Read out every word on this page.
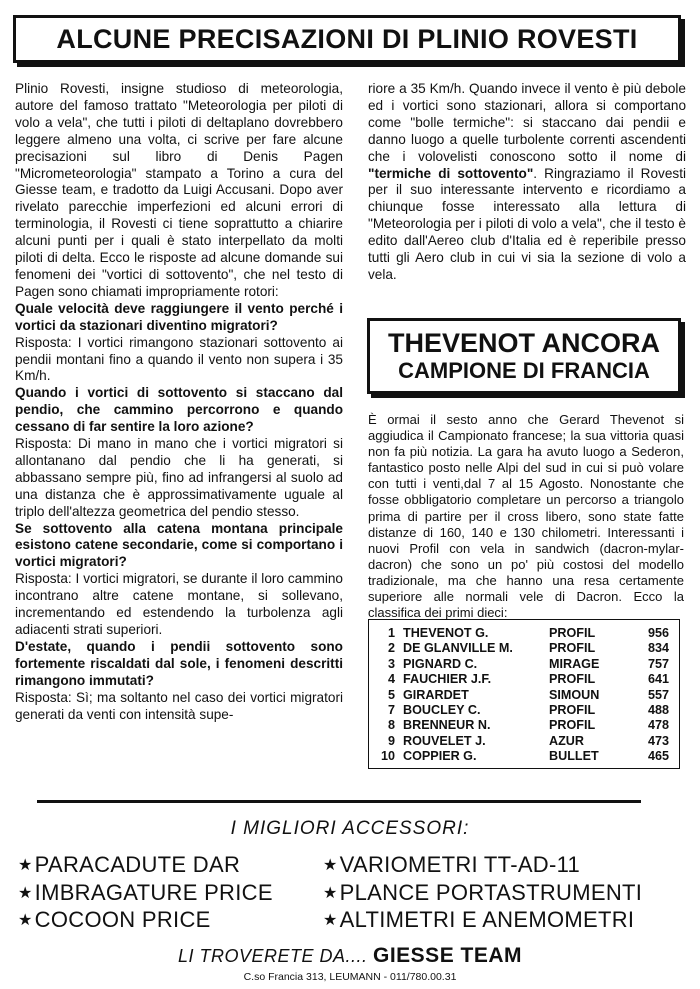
ALCUNE PRECISAZIONI DI PLINIO ROVESTI

Plinio Rovesti, insigne studioso di meteorologia, autore del famoso trattato "Meteorologia per piloti di volo a vela", che tutti i piloti di deltaplano dovrebbero leggere almeno una volta, ci scrive per fare alcune precisazioni sul libro di Denis Pagen "Micrometeorologia" stampato a Torino a cura del Giesse team, e tradotto da Luigi Accusani. Dopo aver rivelato parecchie imperfezioni ed alcuni errori di terminologia, il Rovesti ci tiene soprattutto a chiarire alcuni punti per i quali è stato interpellato da molti piloti di delta. Ecco le risposte ad alcune domande sui fenomeni dei "vortici di sottovento", che nel testo di Pagen sono chiamati impropriamente rotori:

Quale velocità deve raggiungere il vento perché i vortici da stazionari diventino migratori?

Risposta: I vortici rimangono stazionari sottovento ai pendii montani fino a quando il vento non supera i 35 Km/h.

Quando i vortici di sottovento si staccano dal pendio, che cammino percorrono e quando cessano di far sentire la loro azione?

Risposta: Di mano in mano che i vortici migratori si allontanano dal pendio che li ha generati, si abbassano sempre più, fino ad infrangersi al suolo ad una distanza che è approssimativamente uguale al triplo dell'altezza geometrica del pendio stesso.

Se sottovento alla catena montana principale esistono catene secondarie, come si comportano i vortici migratori?

Risposta: I vortici migratori, se durante il loro cammino incontrano altre catene montane, si sollevano, incrementando ed estendendo la turbolenza agli adiacenti strati superiori.

D'estate, quando i pendii sottovento sono fortemente riscaldati dal sole, i fenomeni descritti rimangono immutati?

Risposta: Sì; ma soltanto nel caso dei vortici migratori generati da venti con intensità supe-

riore a 35 Km/h. Quando invece il vento è più debole ed i vortici sono stazionari, allora si comportano come "bolle termiche": si staccano dai pendii e danno luogo a quelle turbolente correnti ascendenti che i volovelisti conoscono sotto il nome di "termiche di sottovento". Ringraziamo il Rovesti per il suo interessante intervento e ricordiamo a chiunque fosse interessato alla lettura di "Meteorologia per i piloti di volo a vela", che il testo è edito dall'Aereo club d'Italia ed è reperibile presso tutti gli Aero club in cui vi sia la sezione di volo a vela.

THEVENOT ANCORA
CAMPIONE DI FRANCIA

È ormai il sesto anno che Gerard Thevenot si aggiudica il Campionato francese; la sua vittoria quasi non fa più notizia. La gara ha avuto luogo a Sederon, fantastico posto nelle Alpi del sud in cui si può volare con tutti i venti,dal 7 al 15 Agosto. Nonostante che fosse obbligatorio completare un percorso a triangolo prima di partire per il cross libero, sono state fatte distanze di 160, 140 e 130 chilometri. Interessanti i nuovi Profil con vela in sandwich (dacron-mylar-dacron) che sono un po' più costosi del modello tradizionale, ma che hanno una resa certamente superiore alle normali vele di Dacron. Ecco la classifica dei primi dieci:

1 THEVENOT G.	PROFIL	956
2 DE GLANVILLE M.	PROFIL	834
3 PIGNARD C.	MIRAGE	757
4 FAUCHIER J.F.	PROFIL	641
5 GIRARDET	SIMOUN	557
7 BOUCLEY C.	PROFIL	488
8 BRENNEUR N.	PROFIL	478
9 ROUVELET J.	AZUR	473
10 COPPIER G.	BULLET	465
I MIGLIORI ACCESSORI:
★PARACADUTE DAR
★IMBRAGATURE PRICE
★COCOON PRICE
★VARIOMETRI TT-AD-11
★PLANCE PORTASTRUMENTI
★ALTIMETRI E ANEMOMETRI
LI TROVERETE DA.... GIESSE TEAM
C.so Francia 313, LEUMANN - 011/780.00.31
